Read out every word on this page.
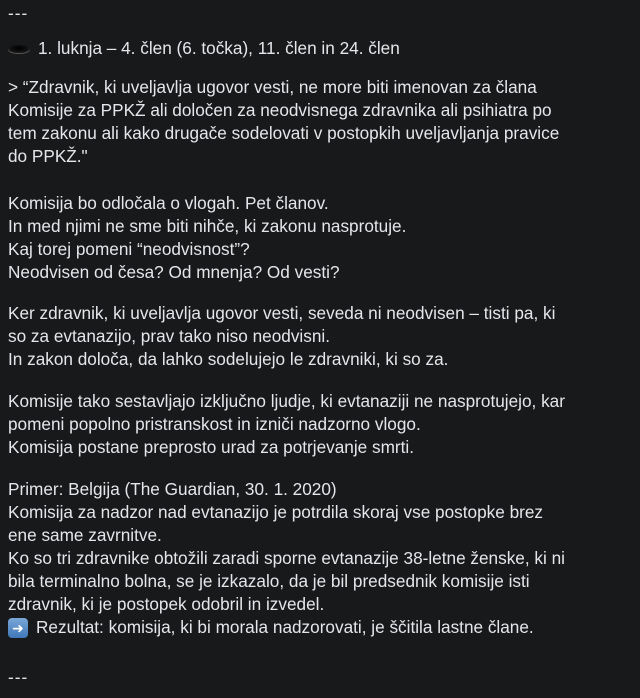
---
1. luknja – 4. člen (6. točka), 11. člen in 24. člen

> “Zdravnik, ki uveljavlja ugovor vesti, ne more biti imenovan za člana

Komisije za PPKŽ ali določen za neodvisnega zdravnika ali psihiatra po

tem zakonu ali kako drugače sodelovati v postopkih uveljavljanja pravice

do PPKŽ."

Komisija bo odločala o vlogah. Pet članov.

In med njimi ne sme biti nihče, ki zakonu nasprotuje.

Kaj torej pomeni “neodvisnost”?

Neodvisen od česa? Od mnenja? Od vesti?

Ker zdravnik, ki uveljavlja ugovor vesti, seveda ni neodvisen – tisti pa, ki

so za evtanazijo, prav tako niso neodvisni.

In zakon določa, da lahko sodelujejo le zdravniki, ki so za.

Komisije tako sestavljajo izključno ljudje, ki evtanaziji ne nasprotujejo, kar

pomeni popolno pristranskost in izniči nadzorno vlogo.

Komisija postane preprosto urad za potrjevanje smrti.

Primer: Belgija (The Guardian, 30. 1. 2020)

Komisija za nadzor nad evtanazijo je potrdila skoraj vse postopke brez

ene same zavrnitve.

Ko so tri zdravnike obtožili zaradi sporne evtanazije 38-letne ženske, ki ni

bila terminalno bolna, se je izkazalo, da je bil predsednik komisije isti

zdravnik, ki je postopek odobril in izvedel.

➜ Rezultat: komisija, ki bi morala nadzorovati, je ščitila lastne člane.

---
